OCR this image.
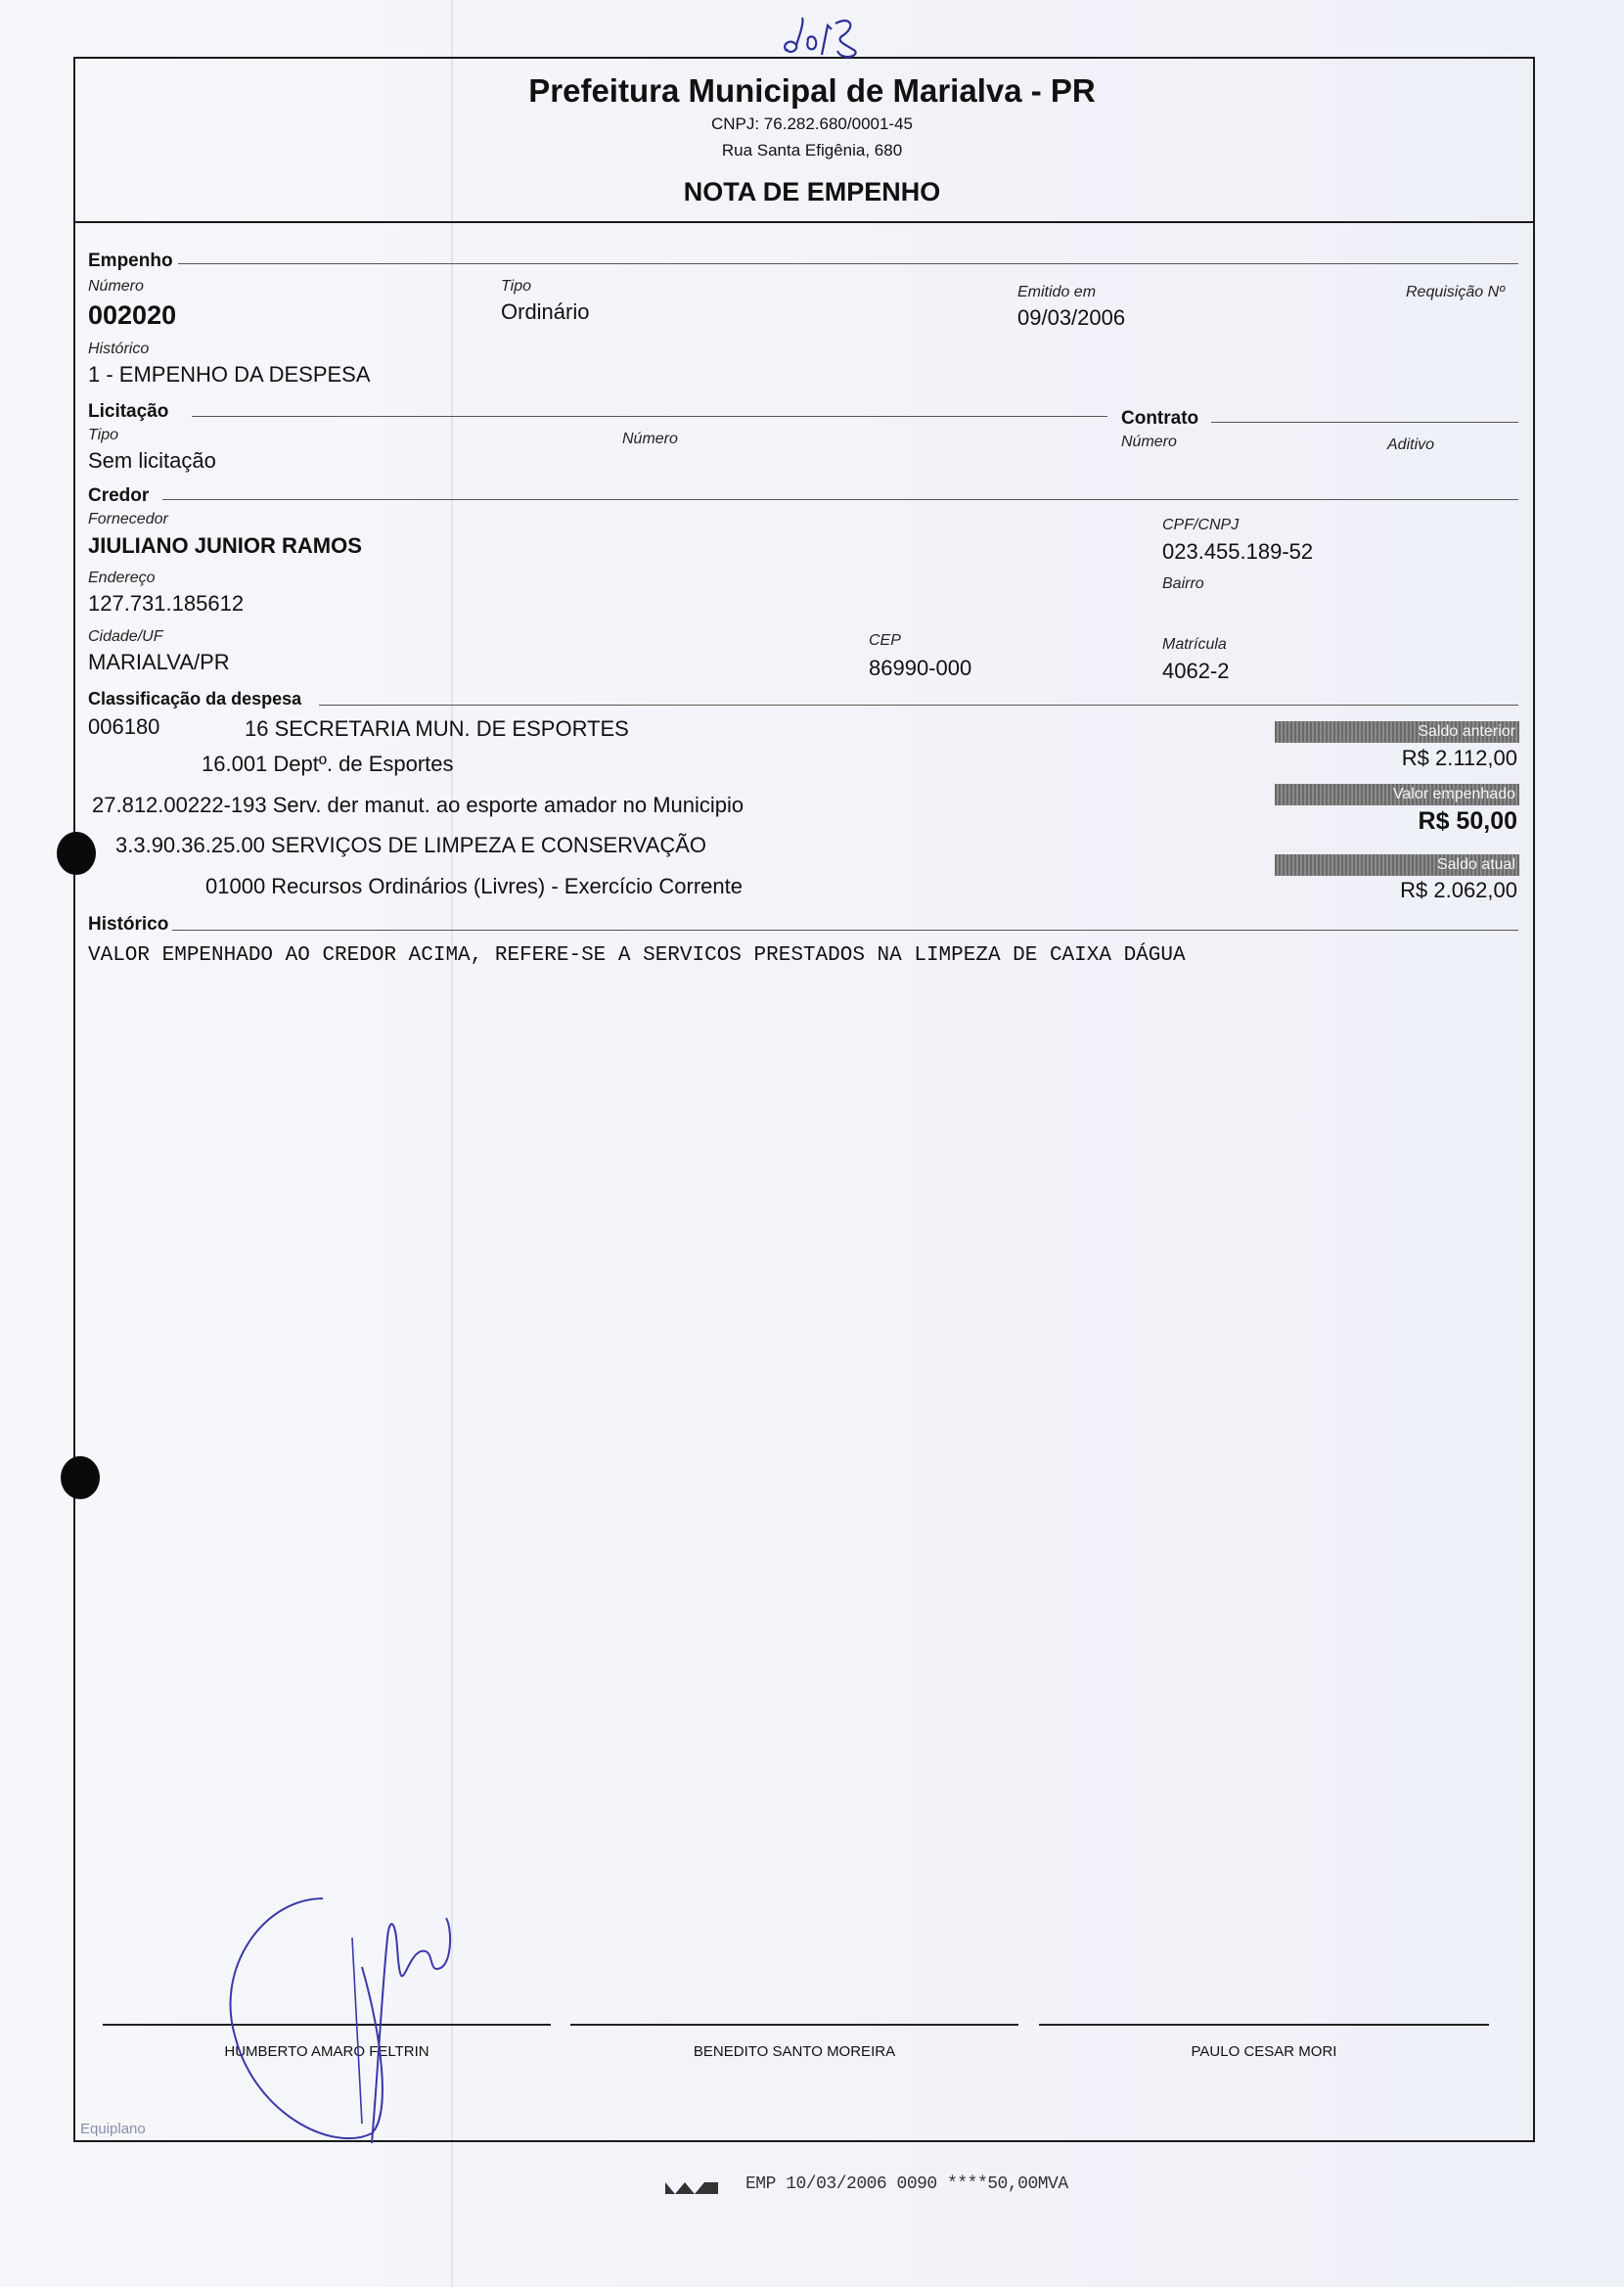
Prefeitura Municipal de Marialva - PR
CNPJ: 76.282.680/0001-45
Rua Santa Efigênia, 680
NOTA DE EMPENHO
Empenho
Número
002020
Tipo
Ordinário
Emitido em
09/03/2006
Requisição Nº
Histórico
1 - EMPENHO DA DESPESA
Licitação	Contrato
Tipo
Sem licitação
Número	Número	Aditivo
Credor
Fornecedor
JIULIANO JUNIOR RAMOS
CPF/CNPJ
023.455.189-52
Endereço
127.731.185612
Bairro
Cidade/UF
MARIALVA/PR
CEP
86990-000
Matrícula
4062-2
Classificação da despesa
006180	16 SECRETARIA MUN. DE ESPORTES
16.001 Deptº. de Esportes
27.812.00222-193 Serv. der manut. ao esporte amador no Municipio
3.3.90.36.25.00 SERVIÇOS DE LIMPEZA E CONSERVAÇÃO
01000 Recursos Ordinários (Livres) - Exercício Corrente
Saldo anterior
R$ 2.112,00
Valor empenhado
R$ 50,00
Saldo atual
R$ 2.062,00
Histórico
VALOR EMPENHADO AO CREDOR ACIMA, REFERE-SE A SERVICOS PRESTADOS NA LIMPEZA DE CAIXA DÁGUA
HUMBERTO AMARO FELTRIN	BENEDITO SANTO MOREIRA	PAULO CESAR MORI
Equiplano
EMP 10/03/2006 0090 ****50,00MVA
